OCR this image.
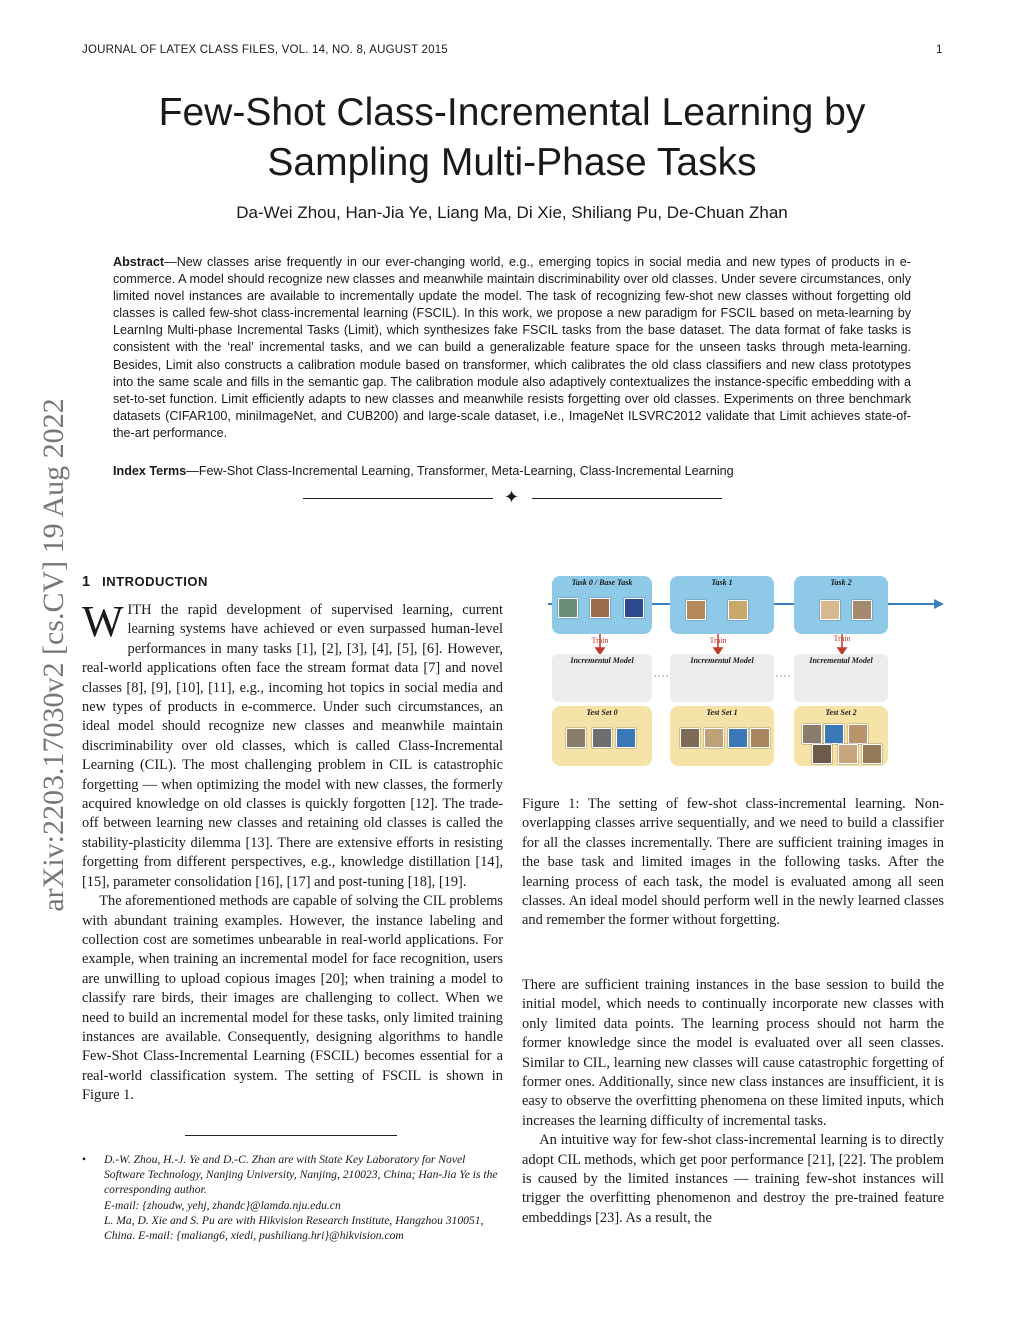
JOURNAL OF LATEX CLASS FILES, VOL. 14, NO. 8, AUGUST 2015	1
arXiv:2203.17030v2 [cs.CV] 19 Aug 2022
Few-Shot Class-Incremental Learning by
Sampling Multi-Phase Tasks
Da-Wei Zhou, Han-Jia Ye, Liang Ma, Di Xie, Shiliang Pu, De-Chuan Zhan
Abstract—New classes arise frequently in our ever-changing world, e.g., emerging topics in social media and new types of products in e-commerce. A model should recognize new classes and meanwhile maintain discriminability over old classes. Under severe circumstances, only limited novel instances are available to incrementally update the model. The task of recognizing few-shot new classes without forgetting old classes is called few-shot class-incremental learning (FSCIL). In this work, we propose a new paradigm for FSCIL based on meta-learning by LearnIng Multi-phase Incremental Tasks (Limit), which synthesizes fake FSCIL tasks from the base dataset. The data format of fake tasks is consistent with the ‘real’ incremental tasks, and we can build a generalizable feature space for the unseen tasks through meta-learning. Besides, Limit also constructs a calibration module based on transformer, which calibrates the old class classifiers and new class prototypes into the same scale and fills in the semantic gap. The calibration module also adaptively contextualizes the instance-specific embedding with a set-to-set function. Limit efficiently adapts to new classes and meanwhile resists forgetting over old classes. Experiments on three benchmark datasets (CIFAR100, miniImageNet, and CUB200) and large-scale dataset, i.e., ImageNet ILSVRC2012 validate that Limit achieves state-of-the-art performance.
Index Terms—Few-Shot Class-Incremental Learning, Transformer, Meta-Learning, Class-Incremental Learning
✦
1 INTRODUCTION

WITH the rapid development of supervised learning, current learning systems have achieved or even surpassed human-level performances in many tasks [1], [2], [3], [4], [5], [6]. However, real-world applications often face the stream format data [7] and novel classes [8], [9], [10], [11], e.g., incoming hot topics in social media and new types of products in e-commerce. Under such circumstances, an ideal model should recognize new classes and meanwhile maintain discriminability over old classes, which is called Class-Incremental Learning (CIL). The most challenging problem in CIL is catastrophic forgetting — when optimizing the model with new classes, the formerly acquired knowledge on old classes is quickly forgotten [12]. The trade-off between learning new classes and retaining old classes is called the stability-plasticity dilemma [13]. There are extensive efforts in resisting forgetting from different perspectives, e.g., knowledge distillation [14], [15], parameter consolidation [16], [17] and post-tuning [18], [19].

The aforementioned methods are capable of solving the CIL problems with abundant training examples. However, the instance labeling and collection cost are sometimes unbearable in real-world applications. For example, when training an incremental model for face recognition, users are unwilling to upload copious images [20]; when training a model to classify rare birds, their images are challenging to collect. When we need to build an incremental model for these tasks, only limited training instances are available. Consequently, designing algorithms to handle Few-Shot Class-Incremental Learning (FSCIL) becomes essential for a real-world classification system. The setting of FSCIL is shown in Figure 1.

• D.-W. Zhou, H.-J. Ye and D.-C. Zhan are with State Key Laboratory for Novel Software Technology, Nanjing University, Nanjing, 210023, China; Han-Jia Ye is the corresponding author.
E-mail: {zhoudw, yehj, zhandc}@lamda.nju.edu.cn
L. Ma, D. Xie and S. Pu are with Hikvision Research Institute, Hangzhou 310051, China. E-mail: {maliang6, xiedi, pushiliang.hri}@hikvision.com
Task 0 / Base Task	Task 1	Task 2
Train	Train	Train
Incremental Model	Incremental Model	Incremental Model
Test Set 0	Test Set 1	Test Set 2
Figure 1: The setting of few-shot class-incremental learning. Non-overlapping classes arrive sequentially, and we need to build a classifier for all the classes incrementally. There are sufficient training images in the base task and limited images in the following tasks. After the learning process of each task, the model is evaluated among all seen classes. An ideal model should perform well in the newly learned classes and remember the former without forgetting.

There are sufficient training instances in the base session to build the initial model, which needs to continually incorporate new classes with only limited data points. The learning process should not harm the former knowledge since the model is evaluated over all seen classes. Similar to CIL, learning new classes will cause catastrophic forgetting of former ones. Additionally, since new class instances are insufficient, it is easy to observe the overfitting phenomena on these limited inputs, which increases the learning difficulty of incremental tasks.

An intuitive way for few-shot class-incremental learning is to directly adopt CIL methods, which get poor performance [21], [22]. The problem is caused by the limited instances — training few-shot instances will trigger the overfitting phenomenon and destroy the pre-trained feature embeddings [23]. As a result, the
